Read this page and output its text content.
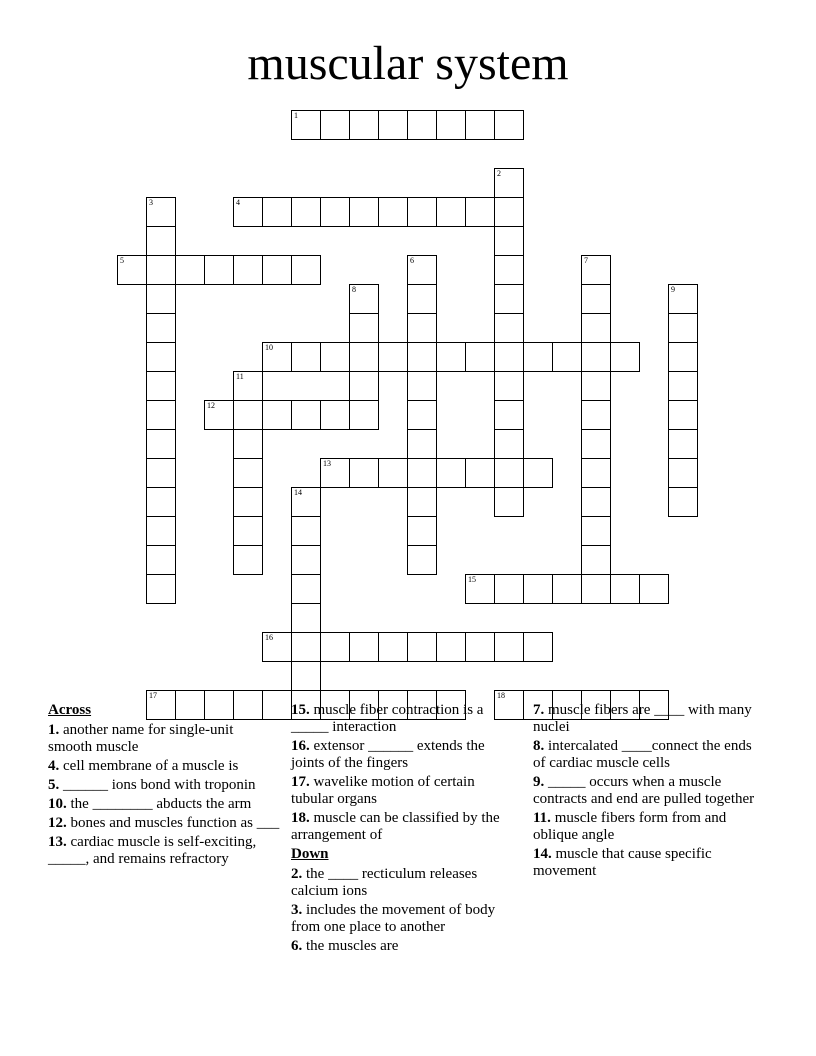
muscular system
1
4
5
10
12
13
15
16
17	18
2
3
6	7
8	9
11
14
Across
1. another name for single-unit smooth muscle
4. cell membrane of a muscle is
5. ______ ions bond with troponin
10. the ________ abducts the arm
12. bones and muscles function as ___
13. cardiac muscle is self-exciting, _____, and remains refractory
15. muscle fiber contraction is a _____ interaction
16. extensor ______ extends the joints of the fingers
17. wavelike motion of certain tubular organs
18. muscle can be classified by the arrangement of
Down
2. the ____ recticulum releases calcium ions
3. includes the movement of body from one place to another
6. the muscles are
7. muscle fibers are ____ with many nuclei
8. intercalated ____connect the ends of cardiac muscle cells
9. _____ occurs when a muscle contracts and end are pulled together
11. muscle fibers form from and oblique angle
14. muscle that cause specific movement
